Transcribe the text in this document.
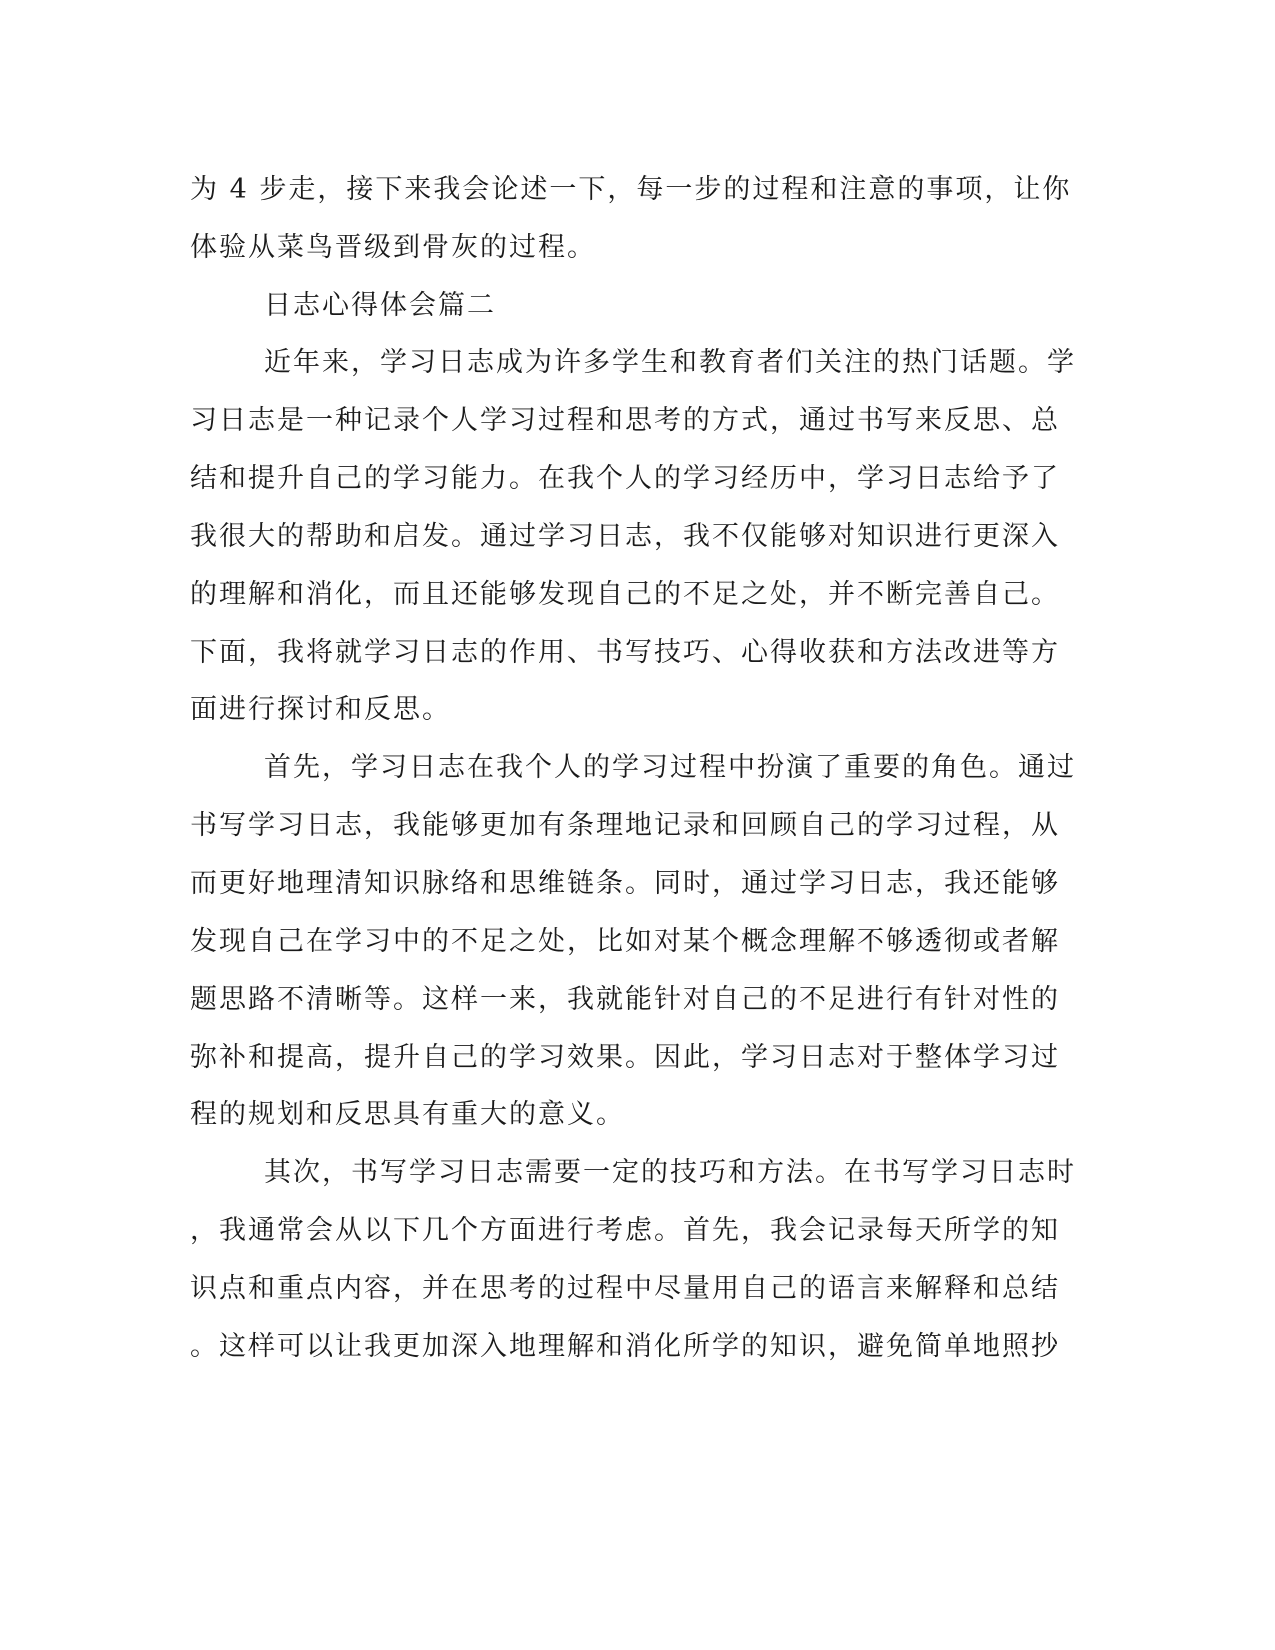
为 4 步走，接下来我会论述一下，每一步的过程和注意的事项，让你
体验从菜鸟晋级到骨灰的过程。
日志心得体会篇二
近年来，学习日志成为许多学生和教育者们关注的热门话题。学
习日志是一种记录个人学习过程和思考的方式，通过书写来反思、总
结和提升自己的学习能力。在我个人的学习经历中，学习日志给予了
我很大的帮助和启发。通过学习日志，我不仅能够对知识进行更深入
的理解和消化，而且还能够发现自己的不足之处，并不断完善自己。
下面，我将就学习日志的作用、书写技巧、心得收获和方法改进等方
面进行探讨和反思。
首先，学习日志在我个人的学习过程中扮演了重要的角色。通过
书写学习日志，我能够更加有条理地记录和回顾自己的学习过程，从
而更好地理清知识脉络和思维链条。同时，通过学习日志，我还能够
发现自己在学习中的不足之处，比如对某个概念理解不够透彻或者解
题思路不清晰等。这样一来，我就能针对自己的不足进行有针对性的
弥补和提高，提升自己的学习效果。因此，学习日志对于整体学习过
程的规划和反思具有重大的意义。
其次，书写学习日志需要一定的技巧和方法。在书写学习日志时
，我通常会从以下几个方面进行考虑。首先，我会记录每天所学的知
识点和重点内容，并在思考的过程中尽量用自己的语言来解释和总结
。这样可以让我更加深入地理解和消化所学的知识，避免简单地照抄
